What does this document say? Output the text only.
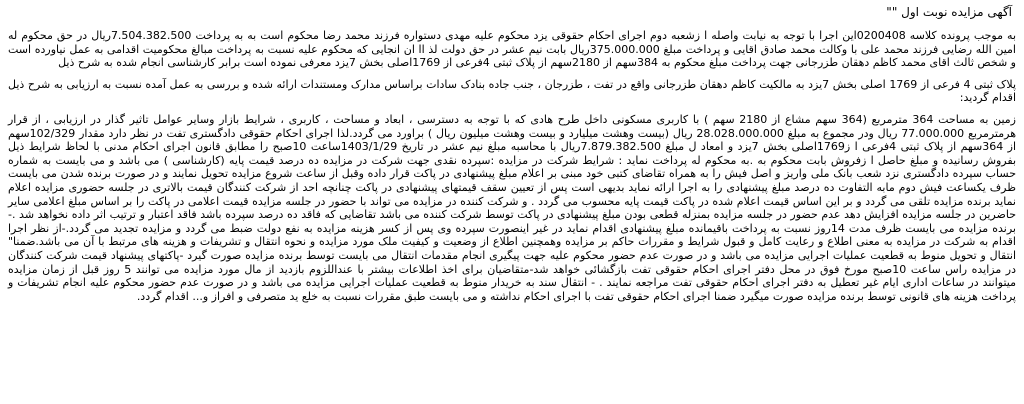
آگهی مزایده نوبت اول ""

به موجب پرونده کلاسه 0200408این اجرا با توجه به نیابت واصله ا زشعبه دوم اجرای احکام حقوقی یزد محکوم علیه مهدی دستواره فرزند محمد رضا محکوم است به به پرداخت 7.504.382.500ریال در حق محکوم له امین الله رضایی فرزند محمد علی با وکالت محمد صادق اقایی و پرداخت مبلغ 375.000.000ریال بابت نیم عشر در حق دولت لذ اا ان انجایی که محکوم علیه نسبت به پرداخت مبالغ محکومیت اقدامی به عمل نیاورده است و شخص ثالث اقای محمد کاظم دهقان طزرجانی جهت پرداخت مبلغ محکوم به 384سهم از 2180سهم از پلاک ثبتی 4فرعی از 1769اصلی بخش 7یزد معرفی نموده است برابر کارشناسی انجام شده به شرح ذیل

پلاک ثبتی 4 فرعی از 1769 اصلی بخش 7یزد به مالکیت کاظم دهقان طزرجانی واقع در تفت ، طزرجان ، جنب جاده بنادک سادات براساس مدارک ومستندات ارائه شده و بررسی به عمل آمده نسبت به ارزیابی به شرح ذیل اقدام گردید:

زمین به مساحت 364 مترمربع (364 سهم مشاع از 2180 سهم ) با کاربری مسکونی داخل طرح هادی که با توجه به دسترسی ، ابعاد و مساحت ، کاربری ، شرایط بازار وسایر عوامل تاثیر گذار در ارزیابی ، از قرار هرمترمربع 77.000.000 ریال ودر مجموع به مبلغ 28.028.000.000 ریال (بیست وهشت میلیارد و بیست وهشت میلیون ریال ) براورد می گردد.لذا اجرای احکام حقوقی دادگستری تفت در نظر دارد مقدار 102/329سهم از 364سهم از پلاک ثبتی 4فرعی ا ز1769اصلی بخش 7یزد و امعاد ل مبلغ 7.879.382.500ریال با محاسبه مبلغ نیم عشر در تاریخ 1403/1/29ساعت 10صبح را مطابق قانون اجرای احکام مدنی با لحاظ شرایط ذیل بفروش رسانیده و مبلغ حاصل ا زفروش بابت محکوم به .به محکوم له پرداخت نماید : شرایط شرکت در مزایده :سپرده نقدی جهت شرکت در مزایده ده درصد قیمت پایه (کارشناسی ) می باشد و می بایست به شماره حساب سپرده دادگستری نزد شعب بانک ملی واریز و اصل فیش را به همراه تقاضای کتبی خود مبنی بر اعلام مبلغ پیشنهادی در پاکت قرار داده وقبل از ساعت شروع مزایده تحویل نمایند و در صورت برنده شدن می بایست ظرف یکساعت فیش دوم مابه التفاوت ده درصد مبلغ پیشنهادی را به اجرا ارائه نماید بدیهی است پس از تعیین سقف قیمتهای پیشنهادی در پاکت چنانچه احد از شرکت کنندگان قیمت بالاتری در جلسه حضوری مزایده اعلام نماید برنده مزایده تلقی می گردد و بر این اساس قیمت اعلام شده در پاکت قیمت پایه محسوب می گردد . و شرکت کننده در مزایده می تواند با حضور در جلسه مزایده قیمت اعلامی در پاکت را بر اساس مبلغ اعلامی سایر حاضرین در جلسه مزایده افزایش دهد عدم حضور در جلسه مزایده بمنزله قطعی بودن مبلغ پیشنهادی در پاکت توسط شرکت کننده می باشد تقاضایی که فاقد ده درصد سپرده باشد فاقد اعتبار و ترتیب اثر داده نخواهد شد .- برنده مزایده می بایست ظرف مدت 14روز نسبت به پرداخت باقیمانده مبلغ پیشنهادی اقدام نماید در غیر اینصورت سپرده وی پس از کسر هزینه مزایده به نفع دولت ضبط می گردد و مزایده تجدید می گردد.-از نظر اجرا اقدام به شرکت در مزایده به معنی اطلاع و رعایت کامل و قبول شرایط و مقررات حاکم بر مزایده وهمچنین اطلاع از وضعیت و کیفیت ملک مورد مزایده و نحوه انتقال و تشریفات و هزینه های مرتبط با آن می باشد.ضمنا" انتقال و تحویل منوط به قطعیت عملیات اجرایی مزایده می باشد و در صورت عدم حضور محکوم علیه جهت پیگیری انجام مقدمات انتقال می بایست توسط برنده مزایده صورت گیرد -پاکتهای پیشنهاد قیمت شرکت کنندگان در مزایده راس ساعت 10صبح مورخ فوق در محل دفتر اجرای احکام حقوقی تفت بازگشائی خواهد شد-متقاضیان برای اخذ اطلاعات بیشتر با عنداللزوم بازدید از مال مورد مزایده می توانند 5 روز قبل از زمان مزایده میتوانند در ساعات اداری ایام غیر تعطیل به دفتر اجرای احکام حقوقی تفت مراجعه نمایند . - انتقال سند به خریدار منوط به قطعیت عملیات اجرایی مزایده می باشد و در صورت عدم حضور محکوم علیه انجام تشریفات و پرداخت هزینه های قانونی توسط برنده مزایده صورت میگیرد ضمنا اجرای احکام حقوقی تفت با اجرای احکام نداشته و می بایست طبق مقررات نسبت به خلع ید متصرفی و افراز و... اقدام گردد.
